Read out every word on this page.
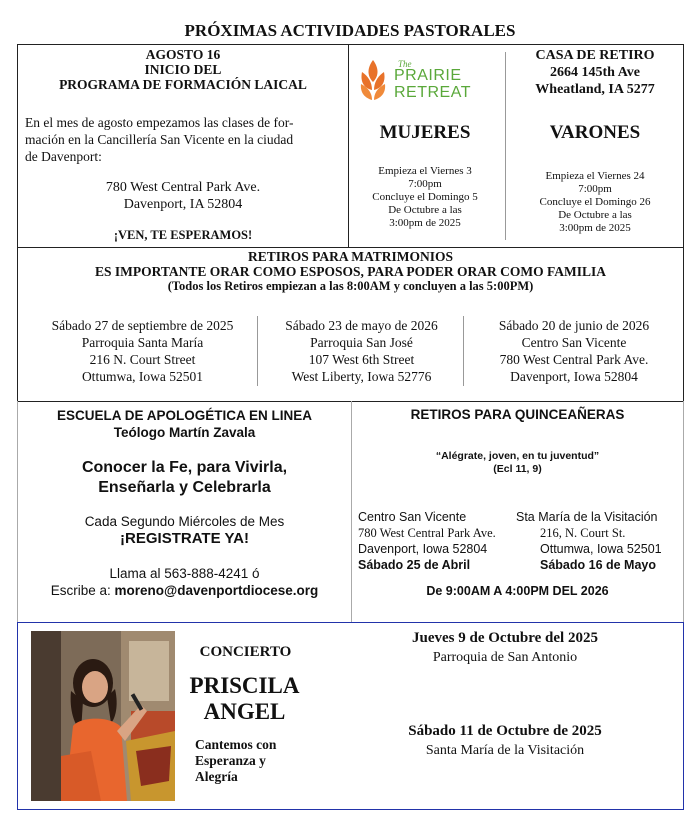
PRÓXIMAS ACTIVIDADES PASTORALES
AGOSTO 16
INICIO DEL
PROGRAMA DE FORMACIÓN LAICAL
En el mes de agosto empezamos las clases de for-
mación en la Cancillería San Vicente en la ciudad
de Davenport:
780 West Central Park Ave.
Davenport, IA 52804
¡VEN, TE ESPERAMOS!
The
PRAIRIE
RETREAT
MUJERES
Empieza el Viernes 3
7:00pm
Concluye el Domingo 5
De Octubre a las
3:00pm de 2025
CASA DE RETIRO
2664 145th Ave
Wheatland, IA 5277
VARONES
Empieza el Viernes 24
7:00pm
Concluye el Domingo 26
De Octubre a las
3:00pm de 2025
RETIROS PARA MATRIMONIOS
ES IMPORTANTE ORAR COMO ESPOSOS, PARA PODER ORAR COMO FAMILIA
(Todos los Retiros empiezan a las 8:00AM y concluyen a las 5:00PM)
Sábado 27 de septiembre de 2025
Parroquia Santa María
216 N. Court Street
Ottumwa, Iowa 52501
Sábado 23 de mayo de 2026
Parroquia San José
107 West 6th Street
West Liberty, Iowa 52776
Sábado 20 de junio de 2026
Centro San Vicente
780 West Central Park Ave.
Davenport, Iowa 52804
ESCUELA DE APOLOGÉTICA EN LINEA
Teólogo Martín Zavala
Conocer la Fe, para Vivirla,
Enseñarla y Celebrarla
Cada Segundo Miércoles de Mes
¡REGISTRATE YA!
Llama al 563-888-4241 ó
Escribe a: moreno@davenportdiocese.org
RETIROS PARA QUINCEAÑERAS
“Alégrate, joven, en tu juventud”
(Ecl 11, 9)
Centro San Vicente
780 West Central Park Ave.
Davenport, Iowa 52804
Sábado 25 de Abril
Sta María de la Visitación
216, N. Court St.
Ottumwa, Iowa 52501
Sábado 16 de Mayo
De 9:00AM A 4:00PM DEL 2026
CONCIERTO
PRISCILA
ANGEL
Cantemos con
Esperanza y
Alegría
Jueves 9 de Octubre del 2025
Parroquia de San Antonio
Sábado 11 de Octubre de 2025
Santa María de la Visitación
